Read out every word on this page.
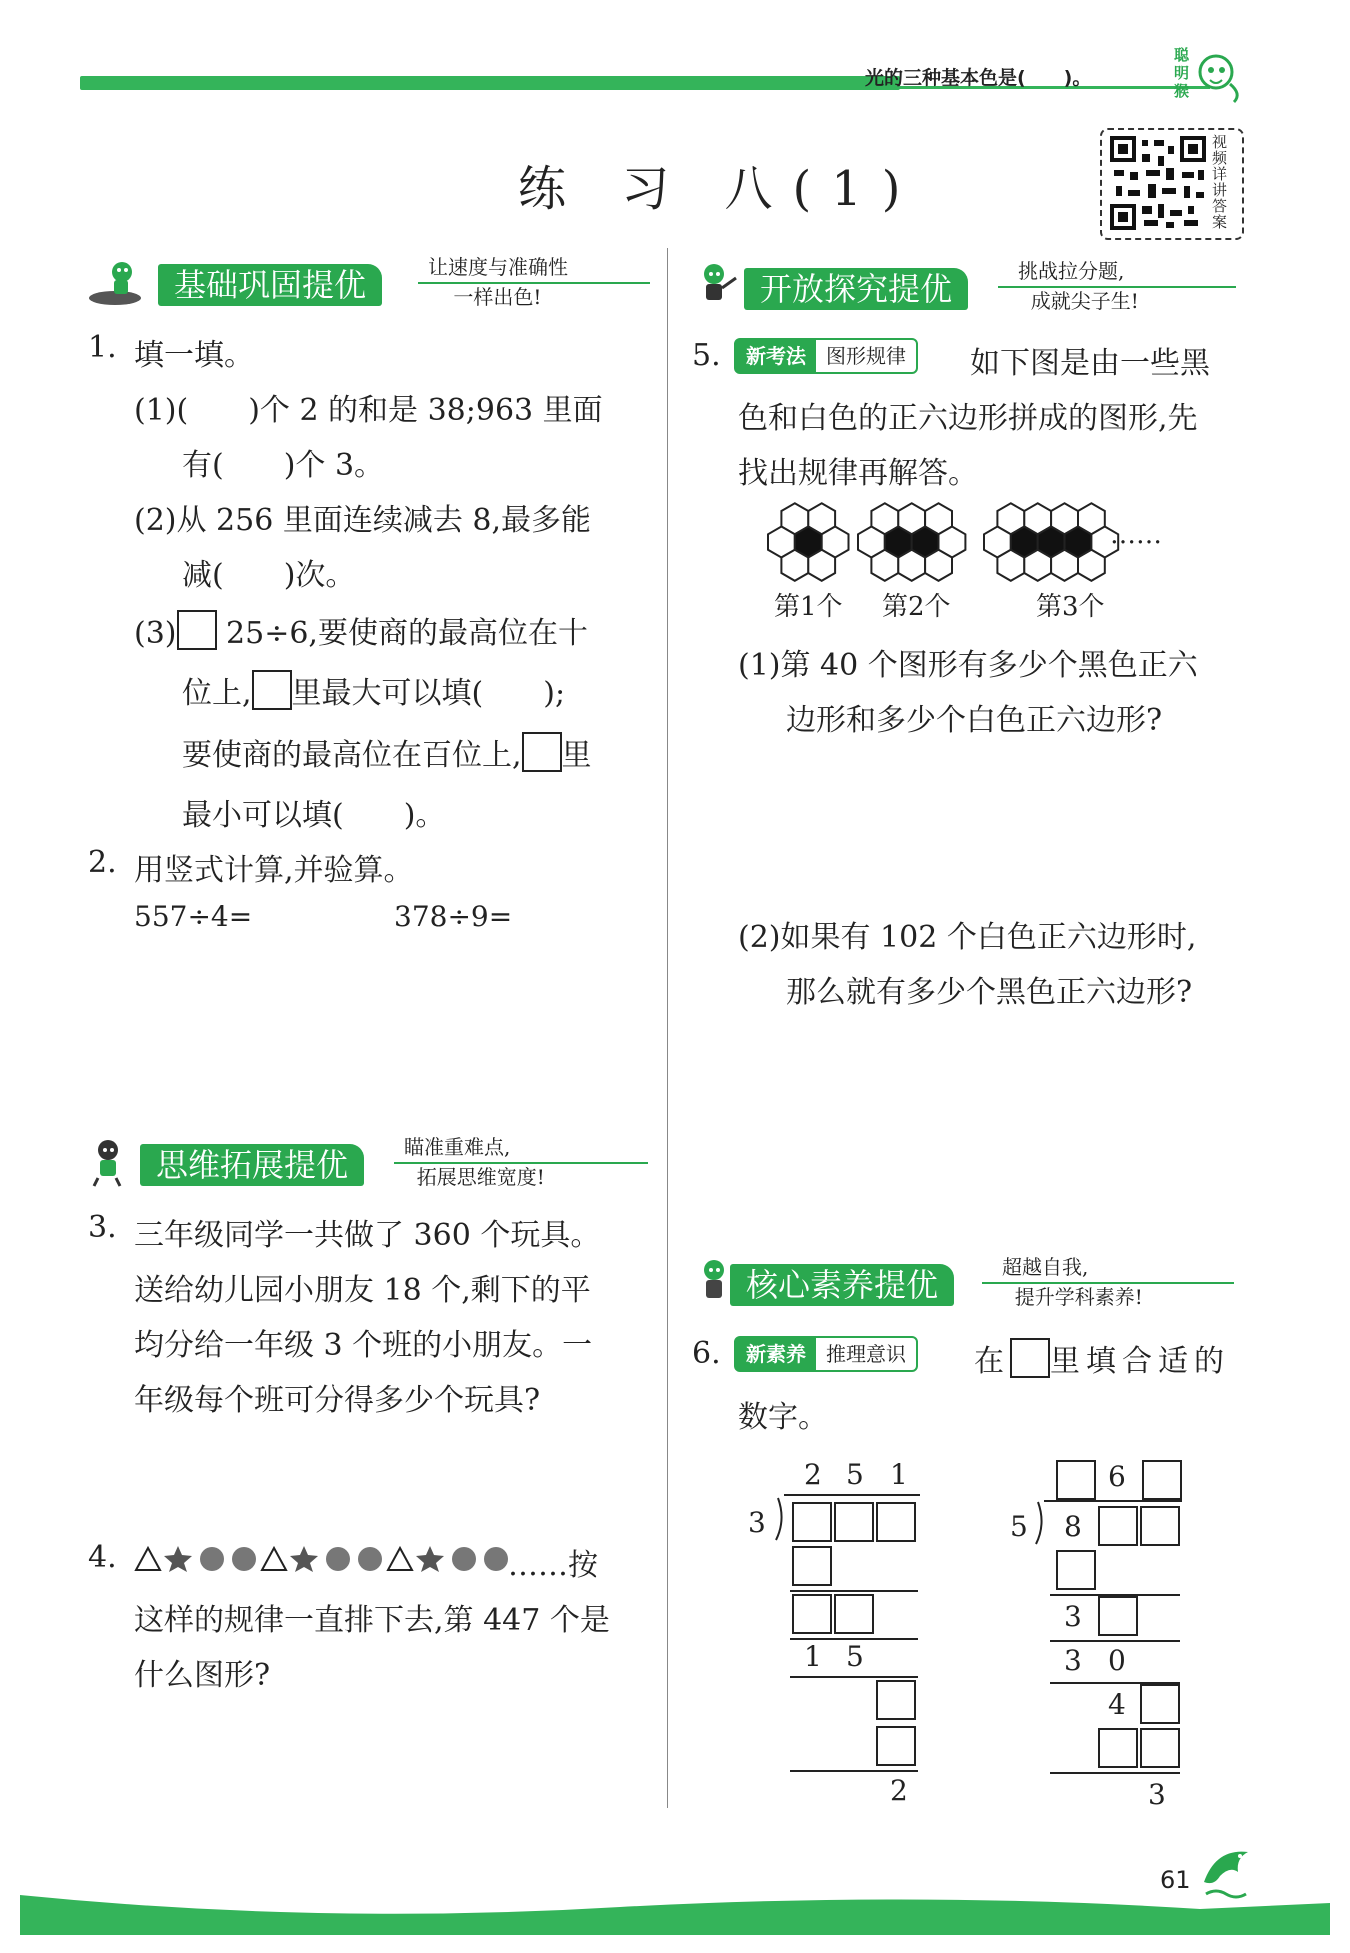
光的三种基本色是(　　)。
聪
明
猴
练 习 八(1)
视频详讲答案
基础巩固提优	让速度与准确性
一样出色!
1. 填一填。
(1)(　　)个 2 的和是 38;963 里面
有(　　)个 3。
(2)从 256 里面连续减去 8,最多能
减(　　)次。
(3) 25÷6,要使商的最高位在十
位上, 里最大可以填(　　);
要使商的最高位在百位上, 里
最小可以填(　　)。
2. 用竖式计算,并验算。
557÷4=	378÷9=
思维拓展提优	瞄准重难点,
拓展思维宽度!
3. 三年级同学一共做了 360 个玩具。
送给幼儿园小朋友 18 个,剩下的平
均分给一年级 3 个班的小朋友。一
年级每个班可分得多少个玩具?
4.	……按
这样的规律一直排下去,第 447 个是
什么图形?
开放探究提优	挑战拉分题,
成就尖子生!
5.	新考法 图形规律	如下图是由一些黑
色和白色的正六边形拼成的图形,先
找出规律再解答。
……
第1个 第2个	第3个
(1)第 40 个图形有多少个黑色正六
边形和多少个白色正六边形?
(2)如果有 102 个白色正六边形时,
那么就有多少个黑色正六边形?
核心素养提优	超越自我,
提升学科素养!
6.	新素养 推理意识	在 里填合适的
数字。
2 5 1
3
1 5
2
6
5 8
3
3 0
4
3
61
